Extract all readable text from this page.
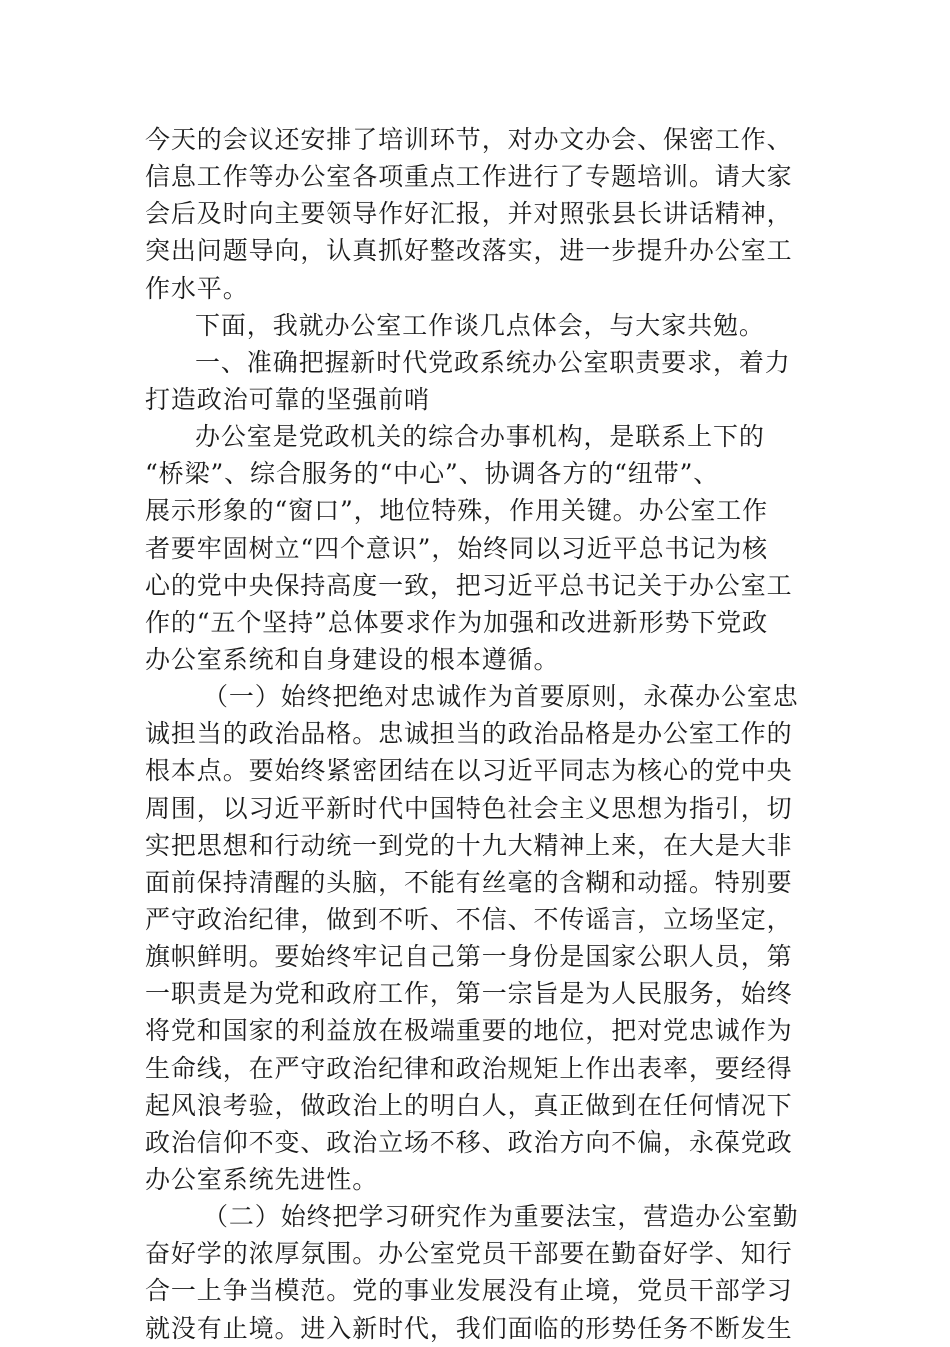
今天的会议还安排了培训环节，对办文办会、保密工作、
信息工作等办公室各项重点工作进行了专题培训。请大家
会后及时向主要领导作好汇报，并对照张县长讲话精神，
突出问题导向，认真抓好整改落实，进一步提升办公室工
作水平。
下面，我就办公室工作谈几点体会，与大家共勉。
一、准确把握新时代党政系统办公室职责要求，着力
打造政治可靠的坚强前哨
办公室是党政机关的综合办事机构，是联系上下的
“桥梁”、综合服务的“中心”、协调各方的“纽带”、
展示形象的“窗口”，地位特殊，作用关键。办公室工作
者要牢固树立“四个意识”，始终同以习近平总书记为核
心的党中央保持高度一致，把习近平总书记关于办公室工
作的“五个坚持”总体要求作为加强和改进新形势下党政
办公室系统和自身建设的根本遵循。
（一）始终把绝对忠诚作为首要原则，永葆办公室忠
诚担当的政治品格。忠诚担当的政治品格是办公室工作的
根本点。要始终紧密团结在以习近平同志为核心的党中央
周围，以习近平新时代中国特色社会主义思想为指引，切
实把思想和行动统一到党的十九大精神上来，在大是大非
面前保持清醒的头脑，不能有丝毫的含糊和动摇。特别要
严守政治纪律，做到不听、不信、不传谣言，立场坚定，
旗帜鲜明。要始终牢记自己第一身份是国家公职人员，第
一职责是为党和政府工作，第一宗旨是为人民服务，始终
将党和国家的利益放在极端重要的地位，把对党忠诚作为
生命线，在严守政治纪律和政治规矩上作出表率，要经得
起风浪考验，做政治上的明白人，真正做到在任何情况下
政治信仰不变、政治立场不移、政治方向不偏，永葆党政
办公室系统先进性。
（二）始终把学习研究作为重要法宝，营造办公室勤
奋好学的浓厚氛围。办公室党员干部要在勤奋好学、知行
合一上争当模范。党的事业发展没有止境，党员干部学习
就没有止境。进入新时代，我们面临的形势任务不断发生
